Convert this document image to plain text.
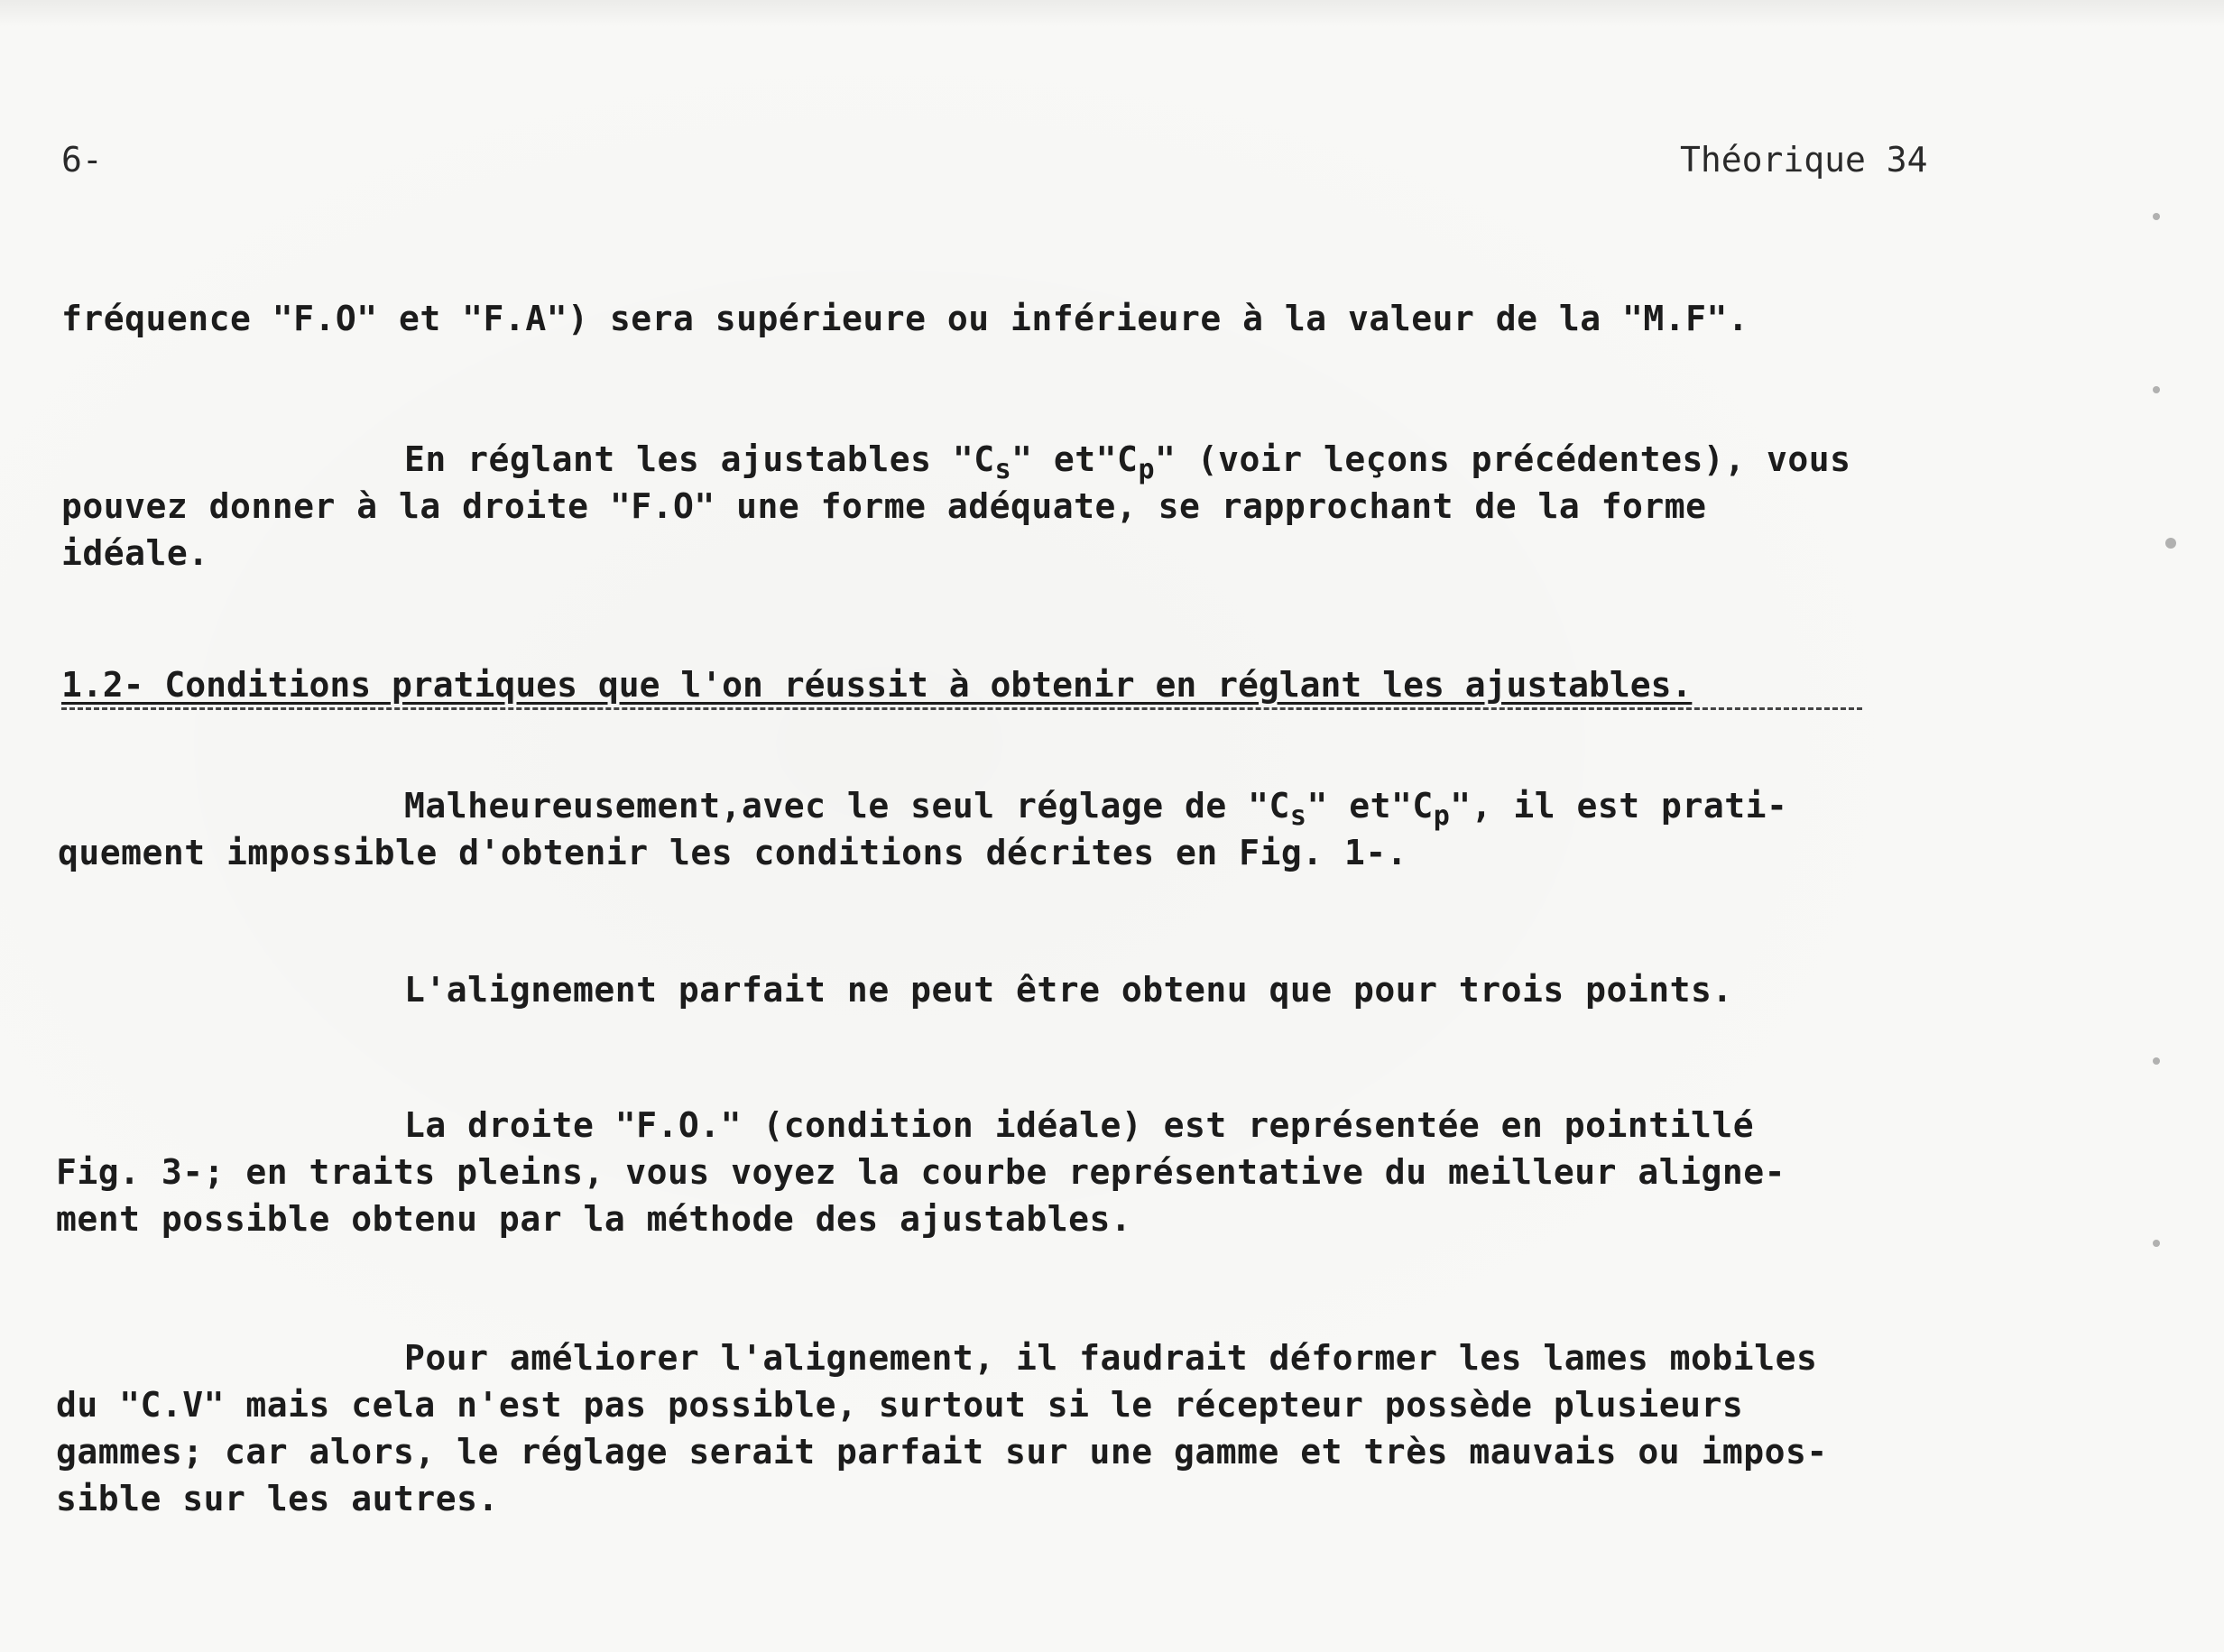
6-	Théorique 34
fréquence "F.O" et "F.A") sera supérieure ou inférieure à la valeur de la "M.F".
En réglant les ajustables "$C_s$" $et"C_p$" (voir leçons précédentes), vous
pouvez donner à la droite "F.O" une forme adéquate, se rapprochant de la forme
idéale.
1.2- Conditions pratiques que l'on réussit à obtenir en réglant les ajustables.
Malheureusement,avec le seul réglage de "$C_s$" $et"C_p$", il est prati-
quement impossible d'obtenir les conditions décrites en Fig. 1-.
L'alignement parfait ne peut être obtenu que pour trois points.
La droite "F.O." (condition idéale) est représentée en pointillé
Fig. 3-; en traits pleins, vous voyez la courbe représentative du meilleur aligne-
ment possible obtenu par la méthode des ajustables.
Pour améliorer l'alignement, il faudrait déformer les lames mobiles
du "C.V" mais cela n'est pas possible, surtout si le récepteur possède plusieurs
gammes; car alors, le réglage serait parfait sur une gamme et très mauvais ou impos-
sible sur les autres.
